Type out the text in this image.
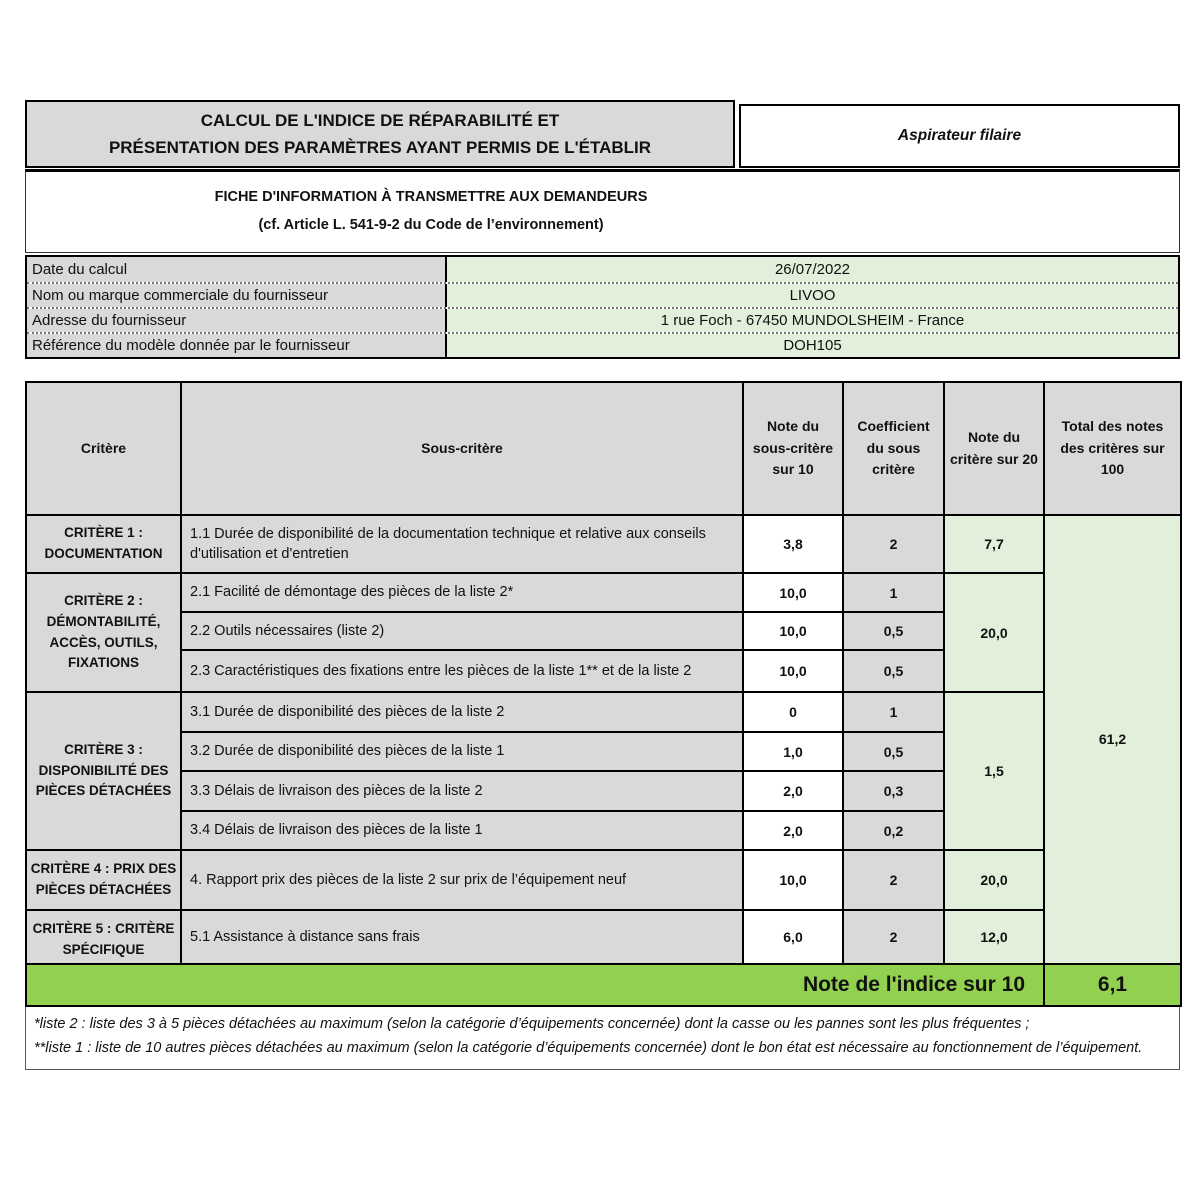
CALCUL DE L'INDICE DE RÉPARABILITÉ ET
PRÉSENTATION DES PARAMÈTRES AYANT PERMIS DE L'ÉTABLIR
Aspirateur filaire
FICHE D'INFORMATION À TRANSMETTRE AUX DEMANDEURS
(cf. Article L. 541-9-2 du Code de l’environnement)
Date du calcul	26/07/2022
Nom ou marque commerciale du fournisseur	LIVOO
Adresse du fournisseur	1 rue Foch - 67450 MUNDOLSHEIM - France
Référence du modèle donnée par le fournisseur	DOH105
Critère	Sous-critère	Note du sous-critère sur 10	Coefficient du sous critère	Note du critère sur 20	Total des notes des critères sur 100
CRITÈRE 1 : DOCUMENTATION	1.1 Durée de disponibilité de la documentation technique et relative aux conseils d'utilisation et d'entretien	3,8	2	7,7	61,2
CRITÈRE 2 : DÉMONTABILITÉ, ACCÈS, OUTILS, FIXATIONS	2.1 Facilité de démontage des pièces de la liste 2*	10,0	1	20,0	
	2.2 Outils nécessaires (liste 2)	10,0	0,5		
	2.3 Caractéristiques des fixations entre les pièces de la liste 1** et de la liste 2	10,0	0,5		
CRITÈRE 3 : DISPONIBILITÉ DES PIÈCES DÉTACHÉES	3.1 Durée de disponibilité des pièces de la liste 2	0	1	1,5	
	3.2 Durée de disponibilité des pièces de la liste 1	1,0	0,5		
	3.3 Délais de livraison des pièces de la liste 2	2,0	0,3		
	3.4 Délais de livraison des pièces de la liste 1	2,0	0,2		
CRITÈRE 4 : PRIX DES PIÈCES DÉTACHÉES	4. Rapport prix des pièces de la liste 2 sur prix de l’équipement neuf	10,0	2	20,0	
CRITÈRE 5 : CRITÈRE SPÉCIFIQUE	5.1 Assistance à distance sans frais	6,0	2	12,0	
Note de l'indice sur 10					6,1
*liste 2 : liste des 3 à 5 pièces détachées au maximum (selon la catégorie d’équipements concernée) dont la casse ou les pannes sont les plus fréquentes ;
**liste 1 : liste de 10 autres pièces détachées au maximum (selon la catégorie d’équipements concernée) dont le bon état est nécessaire au fonctionnement de l’équipement.
